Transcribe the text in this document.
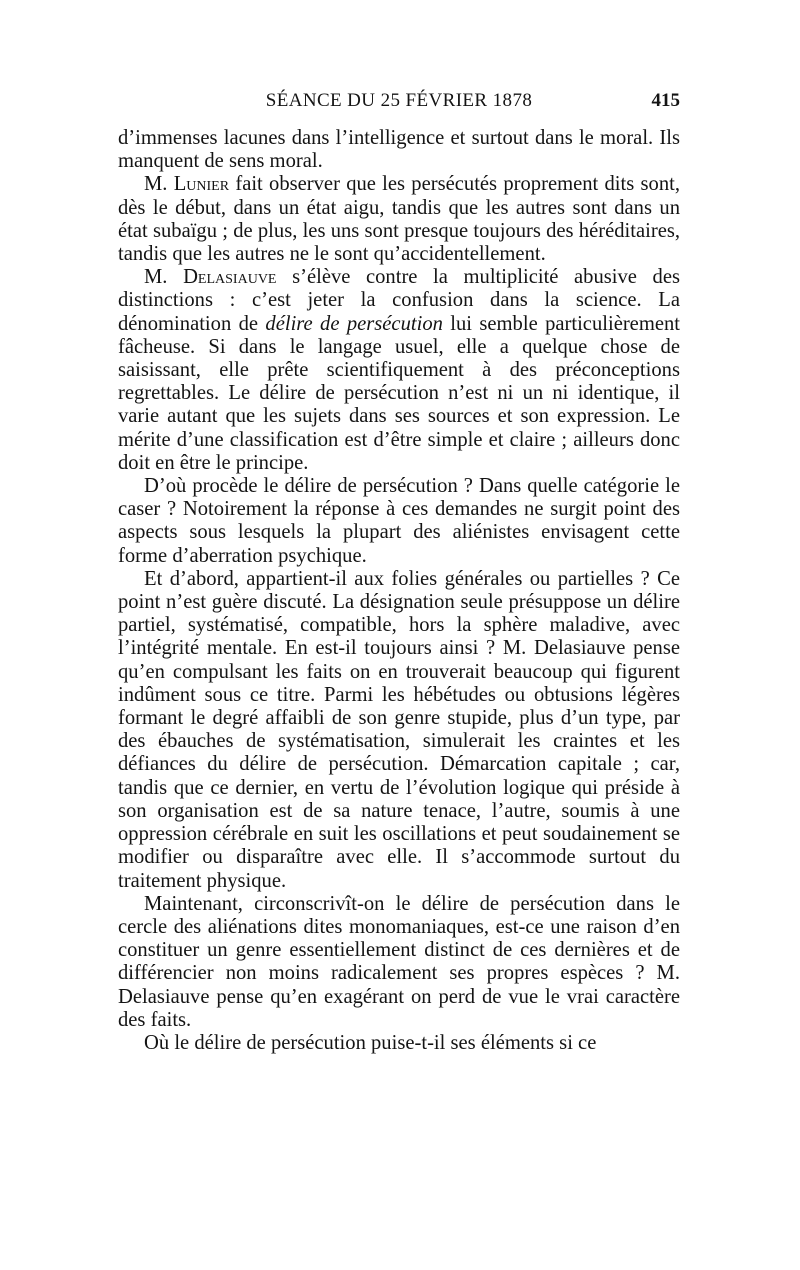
SÉANCE DU 25 FÉVRIER 1878	415

d’immenses lacunes dans l’intelligence et surtout dans le moral. Ils manquent de sens moral.

M. Lunier fait observer que les persécutés proprement dits sont, dès le début, dans un état aigu, tandis que les autres sont dans un état subaïgu ; de plus, les uns sont presque toujours des héréditaires, tandis que les autres ne le sont qu’accidentellement.

M. Delasiauve s’élève contre la multiplicité abusive des distinctions : c’est jeter la confusion dans la science. La dénomination de délire de persécution lui semble particulièrement fâcheuse. Si dans le langage usuel, elle a quelque chose de saisissant, elle prête scientifiquement à des préconceptions regrettables. Le délire de persécution n’est ni un ni identique, il varie autant que les sujets dans ses sources et son expression. Le mérite d’une classification est d’être simple et claire ; ailleurs donc doit en être le principe.

D’où procède le délire de persécution ? Dans quelle catégorie le caser ? Notoirement la réponse à ces demandes ne surgit point des aspects sous lesquels la plupart des aliénistes envisagent cette forme d’aberration psychique.

Et d’abord, appartient-il aux folies générales ou partielles ? Ce point n’est guère discuté. La désignation seule présuppose un délire partiel, systématisé, compatible, hors la sphère maladive, avec l’intégrité mentale. En est-il toujours ainsi ? M. Delasiauve pense qu’en compulsant les faits on en trouverait beaucoup qui figurent indûment sous ce titre. Parmi les hébétudes ou obtusions légères formant le degré affaibli de son genre stupide, plus d’un type, par des ébauches de systématisation, simulerait les craintes et les défiances du délire de persécution. Démarcation capitale ; car, tandis que ce dernier, en vertu de l’évolution logique qui préside à son organisation est de sa nature tenace, l’autre, soumis à une oppression cérébrale en suit les oscillations et peut soudainement se modifier ou disparaître avec elle. Il s’accommode surtout du traitement physique.

Maintenant, circonscrivît-on le délire de persécution dans le cercle des aliénations dites monomaniaques, est-ce une raison d’en constituer un genre essentiellement distinct de ces dernières et de différencier non moins radicalement ses propres espèces ? M. Delasiauve pense qu’en exagérant on perd de vue le vrai caractère des faits.

Où le délire de persécution puise-t-il ses éléments si ce
